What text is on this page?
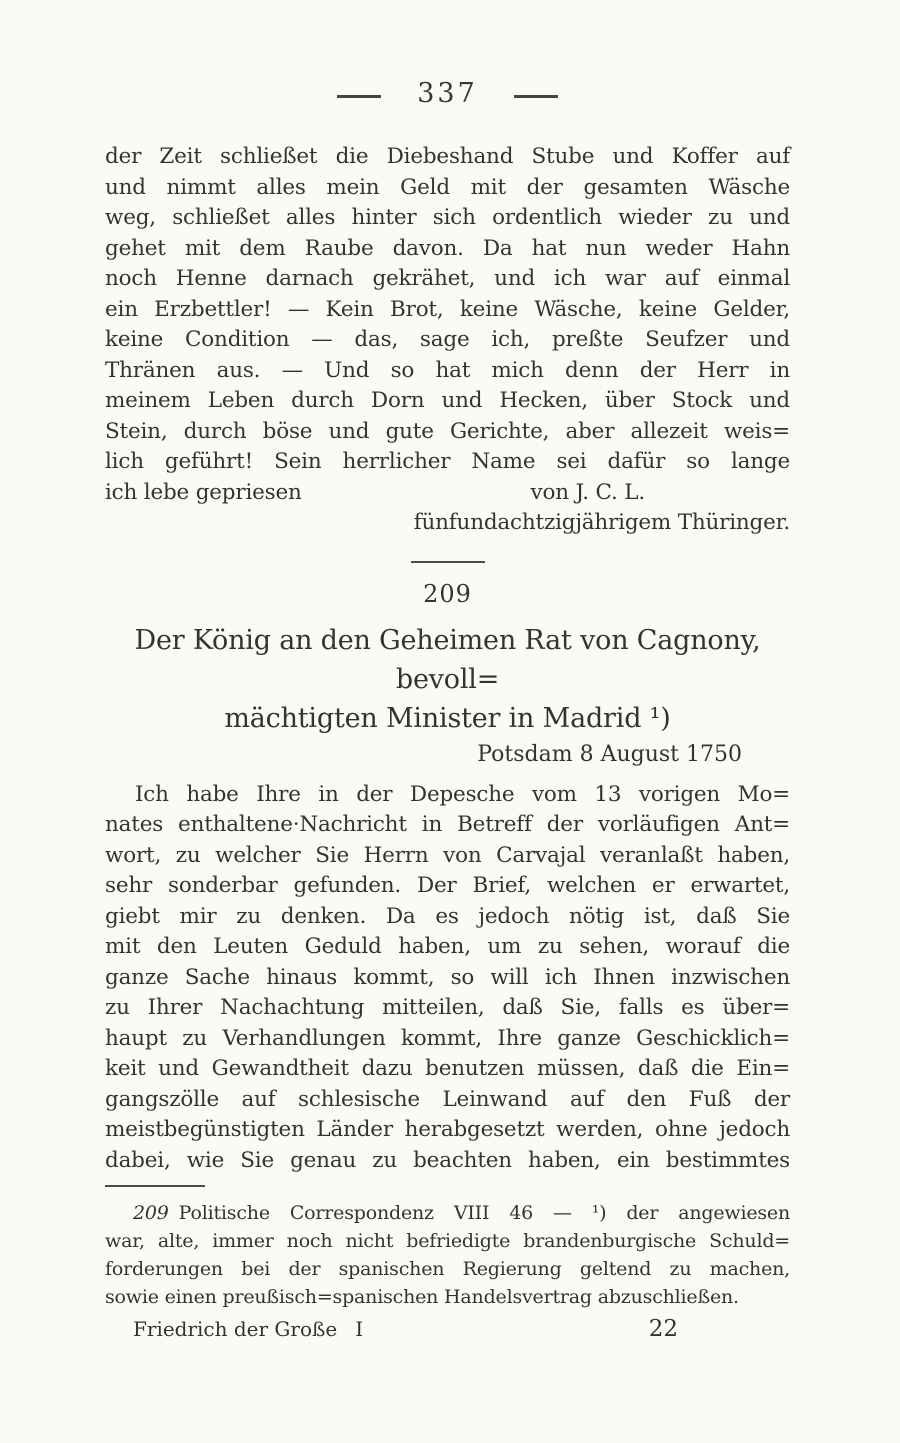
337
der Zeit schließet die Diebeshand Stube und Koffer auf
und nimmt alles mein Geld mit der gesamten Wäsche
weg, schließet alles hinter sich ordentlich wieder zu und
gehet mit dem Raube davon. Da hat nun weder Hahn
noch Henne darnach gekrähet, und ich war auf einmal
ein Erzbettler! — Kein Brot, keine Wäsche, keine Gelder,
keine Condition — das, sage ich, preßte Seufzer und
Thränen aus. — Und so hat mich denn der Herr in
meinem Leben durch Dorn und Hecken, über Stock und
Stein, durch böse und gute Gerichte, aber allezeit weis=
lich geführt! Sein herrlicher Name sei dafür so lange
ich lebe gepriesen	von J. C. L.
fünfundachtzigjährigem Thüringer.
209
Der König an den Geheimen Rat von Cagnony, bevoll=
mächtigten Minister in Madrid ¹)
Potsdam 8 August 1750
Ich habe Ihre in der Depesche vom 13 vorigen Mo=
nates enthaltene·Nachricht in Betreff der vorläufigen Ant=
wort, zu welcher Sie Herrn von Carvajal veranlaßt haben,
sehr sonderbar gefunden. Der Brief, welchen er erwartet,
giebt mir zu denken. Da es jedoch nötig ist, daß Sie
mit den Leuten Geduld haben, um zu sehen, worauf die
ganze Sache hinaus kommt, so will ich Ihnen inzwischen
zu Ihrer Nachachtung mitteilen, daß Sie, falls es über=
haupt zu Verhandlungen kommt, Ihre ganze Geschicklich=
keit und Gewandtheit dazu benutzen müssen, daß die Ein=
gangszölle auf schlesische Leinwand auf den Fuß der
meistbegünstigten Länder herabgesetzt werden, ohne jedoch
dabei, wie Sie genau zu beachten haben, ein bestimmtes
209 Politische Correspondenz VIII 46 — ¹) der angewiesen
war, alte, immer noch nicht befriedigte brandenburgische Schuld=
forderungen bei der spanischen Regierung geltend zu machen,
sowie einen preußisch=spanischen Handelsvertrag abzuschließen.
Friedrich der Große I	22
